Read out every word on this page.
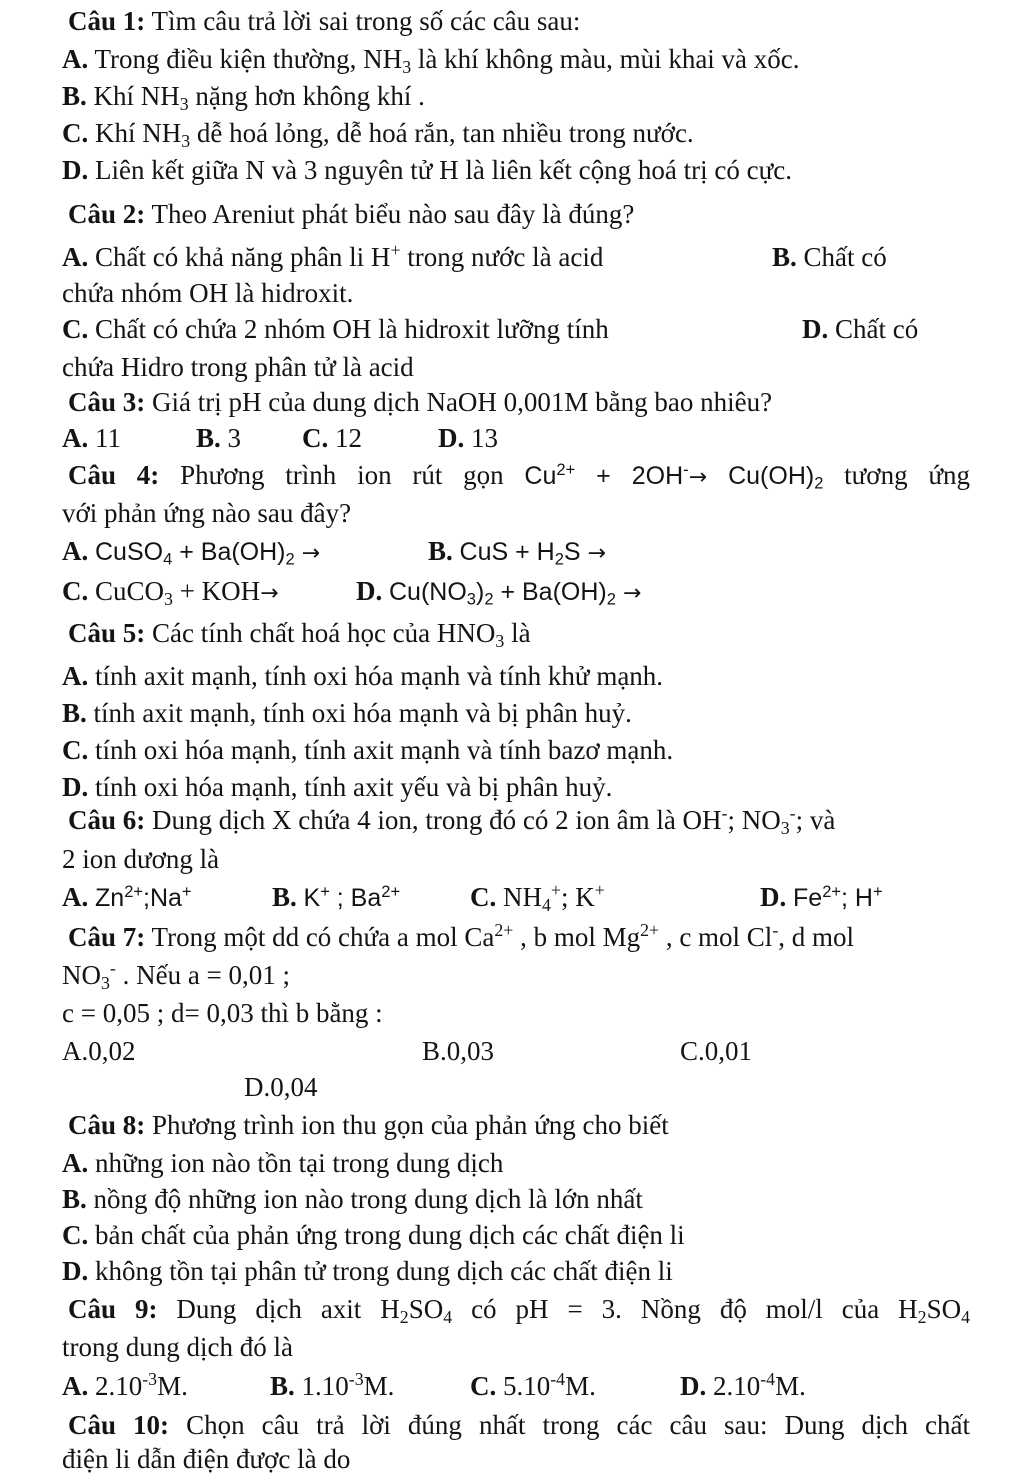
Câu 1: Tìm câu trả lời sai trong số các câu sau:
A. Trong điều kiện thường, $NH_3$ là khí không màu, mùi khai và xốc.
B. Khí $NH_3$ nặng hơn không khí .
C. Khí $NH_3$ dễ hoá lỏng, dễ hoá rắn, tan nhiều trong nước.
D. Liên kết giữa N và 3 nguyên tử H là liên kết cộng hoá trị có cực.
Câu 2: Theo Areniut phát biểu nào sau đây là đúng?
A. Chất có khả năng phân li H+ trong nước là acid	B. Chất có
chứa nhóm OH là hidroxit.
C. Chất có chứa 2 nhóm OH là hidroxit lưỡng tính	D. Chất có
chứa Hidro trong phân tử là acid
Câu 3: Giá trị pH của dung dịch NaOH 0,001M bằng bao nhiêu?
A. 11	B. 3 C. 12	D. 13
Câu 4: Phương trình ion rút gọn $Cu^{2+} + 2OH^-\to Cu(OH)_2$ tương ứng
với phản ứng nào sau đây?
A. CuSO$_4$ + $Ba(OH)_2$ →	B. CuS + $H_2S$ →
C. CuCO$_3$ + KOH→	D. $Cu(NO_3)_2 + Ba(OH)_2$ →
Câu 5: Các tính chất hoá học của $HNO_3$ là
A. tính axit mạnh, tính oxi hóa mạnh và tính khử mạnh.
B. tính axit mạnh, tính oxi hóa mạnh và bị phân huỷ.
C. tính oxi hóa mạnh, tính axit mạnh và tính bazơ mạnh.
D. tính oxi hóa mạnh, tính axit yếu và bị phân huỷ.
Câu 6: Dung dịch X chứa 4 ion, trong đó có 2 ion âm là OH-; $NO_3^-$; và
2 ion dương là
A. $Zn^{2+};Na^+$	B. K+ ; $Ba^{2+}$	C. $NH_4^+$; K+	D. $Fe^{2+}$; H+
Câu 7: Trong một dd có chứa a mol $Ca^{2+}$ , b mol $Mg^{2+}$ , c mol Cl-, d mol
$NO_3^-$ . Nếu a = 0,01 ;
c = 0,05 ; d= 0,03 thì b bằng :
A.0,02	B.0,03	C.0,01
D.0,04
Câu 8: Phương trình ion thu gọn của phản ứng cho biết
A. những ion nào tồn tại trong dung dịch
B. nồng độ những ion nào trong dung dịch là lớn nhất
C. bản chất của phản ứng trong dung dịch các chất điện li
D. không tồn tại phân tử trong dung dịch các chất điện li
Câu 9: Dung dịch axit $H_2SO_4$ có pH = 3. Nồng độ mol/l của $H_2SO_4$
trong dung dịch đó là
A. $2.10^{-3}M$.	B. $1.10^{-3}M$.	C. $5.10^{-4}M$.	D. $2.10^{-4}M$.
Câu 10: Chọn câu trả lời đúng nhất trong các câu sau: Dung dịch chất
điện li dẫn điện được là do
